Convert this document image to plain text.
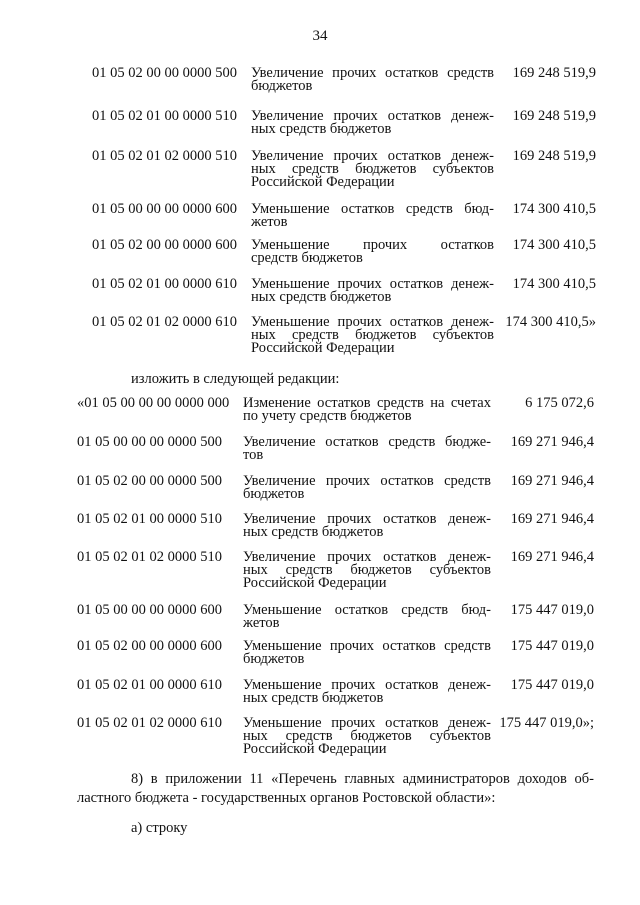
34
01 05 02 00 00 0000 500 Увеличение прочих остатков средств
бюджетов
169 248 519,9
01 05 02 01 00 0000 510 Увеличение прочих остатков денеж-
ных средств бюджетов
169 248 519,9
01 05 02 01 02 0000 510 Увеличение прочих остатков денеж-
ных средств бюджетов субъектов
Российской Федерации
169 248 519,9
01 05 00 00 00 0000 600 Уменьшение остатков средств бюд-
жетов
174 300 410,5
01 05 02 00 00 0000 600 Уменьшение прочих остатков
средств бюджетов
174 300 410,5
01 05 02 01 00 0000 610 Уменьшение прочих остатков денеж-
ных средств бюджетов
174 300 410,5
01 05 02 01 02 0000 610 Уменьшение прочих остатков денеж-
ных средств бюджетов субъектов
Российской Федерации
174 300 410,5»
изложить в следующей редакции:
«01 05 00 00 00 0000 000 Изменение остатков средств на счетах
по учету средств бюджетов
6 175 072,6
01 05 00 00 00 0000 500 Увеличение остатков средств бюдже-
тов
169 271 946,4
01 05 02 00 00 0000 500 Увеличение прочих остатков средств
бюджетов
169 271 946,4
01 05 02 01 00 0000 510 Увеличение прочих остатков денеж-
ных средств бюджетов
169 271 946,4
01 05 02 01 02 0000 510 Увеличение прочих остатков денеж-
ных средств бюджетов субъектов
Российской Федерации
169 271 946,4
01 05 00 00 00 0000 600 Уменьшение остатков средств бюд-
жетов
175 447 019,0
01 05 02 00 00 0000 600 Уменьшение прочих остатков средств
бюджетов
175 447 019,0
01 05 02 01 00 0000 610 Уменьшение прочих остатков денеж-
ных средств бюджетов
175 447 019,0
01 05 02 01 02 0000 610 Уменьшение прочих остатков денеж-
ных средств бюджетов субъектов
Российской Федерации
175 447 019,0»;
8) в приложении 11 «Перечень главных администраторов доходов об-
ластного бюджета - государственных органов Ростовской области»:
а) строку
